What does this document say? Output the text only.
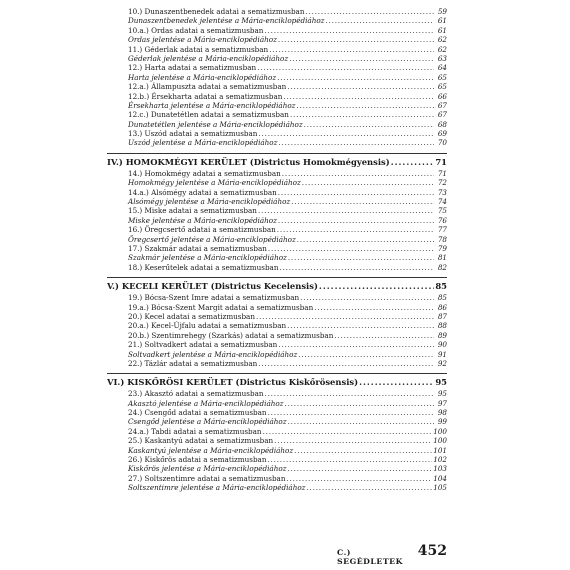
10.) Dunaszentbenedek adatai a sematizmusban .....	59
Dunaszentbenedek jelentése a Mária-enciklopédiához .....	61
10.a.) Ordas adatai a sematizmusban .....	61
Ordas jelentése a Mária-enciklopédiához .....	62
11.) Géderlak adatai a sematizmusban .....	62
Géderlak jelentése a Mária-enciklopédiához .....	63
12.) Harta adatai a sematizmusban .....	64
Harta jelentése a Mária-enciklopédiához .....	65
12.a.) Állampuszta adatai a sematizmusban .....	65
12.b.) Érsekharta adatai a sematizmusban .....	66
Érsekharta jelentése a Mária-enciklopédiához .....	67
12.c.) Dunatetétlen adatai a sematizmusban .....	67
Dunatetétlen jelentése a Mária-enciklopédiához .....	68
13.) Uszód adatai a sematizmusban .....	69
Uszód jelentése a Mária-enciklopédiához .....	70
IV.) HOMOKMÉGYI KERÜLET (Districtus Homokmégyensis) .....	71
14.) Homokmégy adatai a sematizmusban .....	71
Homokmégy jelentése a Mária-enciklopédiához .....	72
14.a.) Alsómégy adatai a sematizmusban .....	73
Alsómégy jelentése a Mária-enciklopédiához .....	74
15.) Miske adatai a sematizmusban .....	75
Miske jelentése a Mária-enciklopédiához .....	76
16.) Öregcsertő adatai a sematizmusban .....	77
Öregcsertő jelentése a Mária-enciklopédiához .....	78
17.) Szakmár adatai a sematizmusban .....	79
Szakmár jelentése a Mária-enciklopédiához .....	81
18.) Keserűtelek adatai a sematizmusban .....	82
V.) KECELI KERÜLET (Districtus Kecelensis) .....	85
19.) Bócsa-Szent Imre adatai a sematizmusban .....	85
19.a.) Bócsa-Szent Margit adatai a sematizmusban .....	86
20.) Kecel adatai a sematizmusban .....	87
20.a.) Kecel-Újfalu adatai a sematizmusban .....	88
20.b.) Szentimrehegy (Szarkás) adatai a sematizmusban .....	89
21.) Soltvadkert adatai a sematizmusban .....	90
Soltvadkert jelentése a Mária-enciklopédiához .....	91
22.) Tázlár adatai a sematizmusban .....	92
VI.) KISKŐRÖSI KERÜLET (Districtus Kiskőrösensis) .....	95
23.) Akasztó adatai a sematizmusban .....	95
Akasztó jelentése a Mária-enciklopédiához .....	97
24.) Csengőd adatai a sematizmusban .....	98
Csengőd jelentése a Mária-enciklopédiához .....	99
24.a.) Tabdi adatai a sematizmusban .....	100
25.) Kaskantyú adatai a sematizmusban .....	100
Kaskantyú jelentése a Mária-enciklopédiához .....	101
26.) Kiskőrös adatai a sematizmusban .....	102
Kiskőrös jelentése a Mária-enciklopédiához .....	103
27.) Soltszentimre adatai a sematizmusban .....	104
Soltszentimre jelentése a Mária-enciklopédiához .....	105
C.) SEGÉDLETEK
452
